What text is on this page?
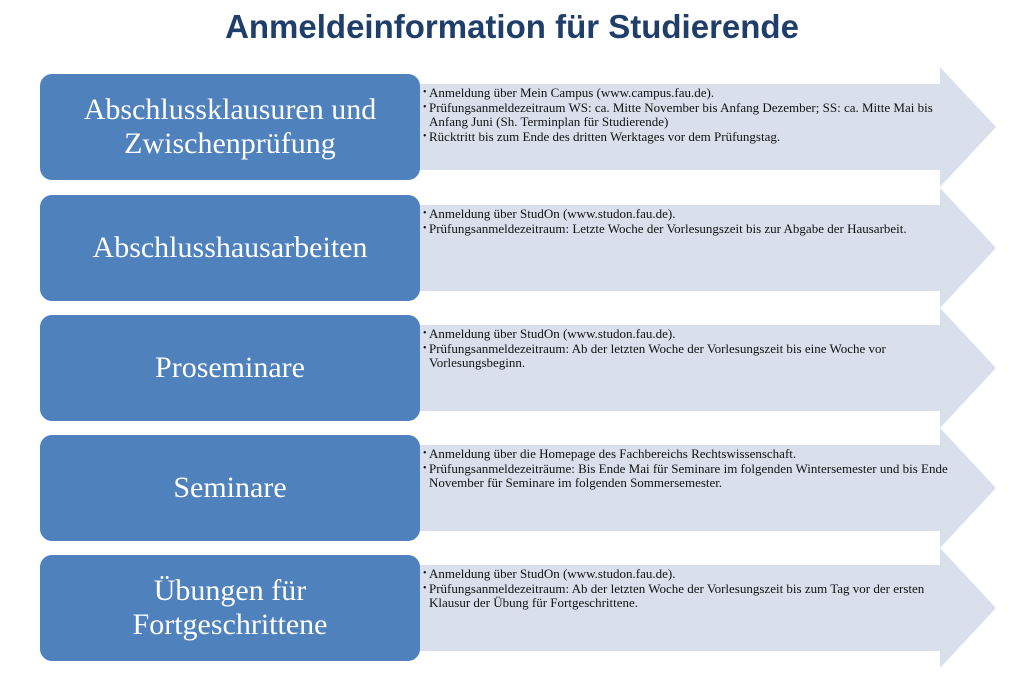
Anmeldeinformation für Studierende
Abschlussklausuren und
Zwischenprüfung
• Anmeldung über Mein Campus (www.campus.fau.de).
• Prüfungsanmeldezeitraum WS: ca. Mitte November bis Anfang Dezember; SS: ca. Mitte Mai bis Anfang Juni (Sh. Terminplan für Studierende)
• Rücktritt bis zum Ende des dritten Werktages vor dem Prüfungstag.
Abschlusshausarbeiten
• Anmeldung über StudOn (www.studon.fau.de).
• Prüfungsanmeldezeitraum: Letzte Woche der Vorlesungszeit bis zur Abgabe der Hausarbeit.
Proseminare
• Anmeldung über StudOn (www.studon.fau.de).
• Prüfungsanmeldezeitraum: Ab der letzten Woche der Vorlesungszeit bis eine Woche vor Vorlesungsbeginn.
Seminare
• Anmeldung über die Homepage des Fachbereichs Rechtswissenschaft.
• Prüfungsanmeldezeiträume: Bis Ende Mai für Seminare im folgenden Wintersemester und bis Ende November für Seminare im folgenden Sommersemester.
Übungen für
Fortgeschrittene
• Anmeldung über StudOn (www.studon.fau.de).
• Prüfungsanmeldezeitraum: Ab der letzten Woche der Vorlesungszeit bis zum Tag vor der ersten Klausur der Übung für Fortgeschrittene.
